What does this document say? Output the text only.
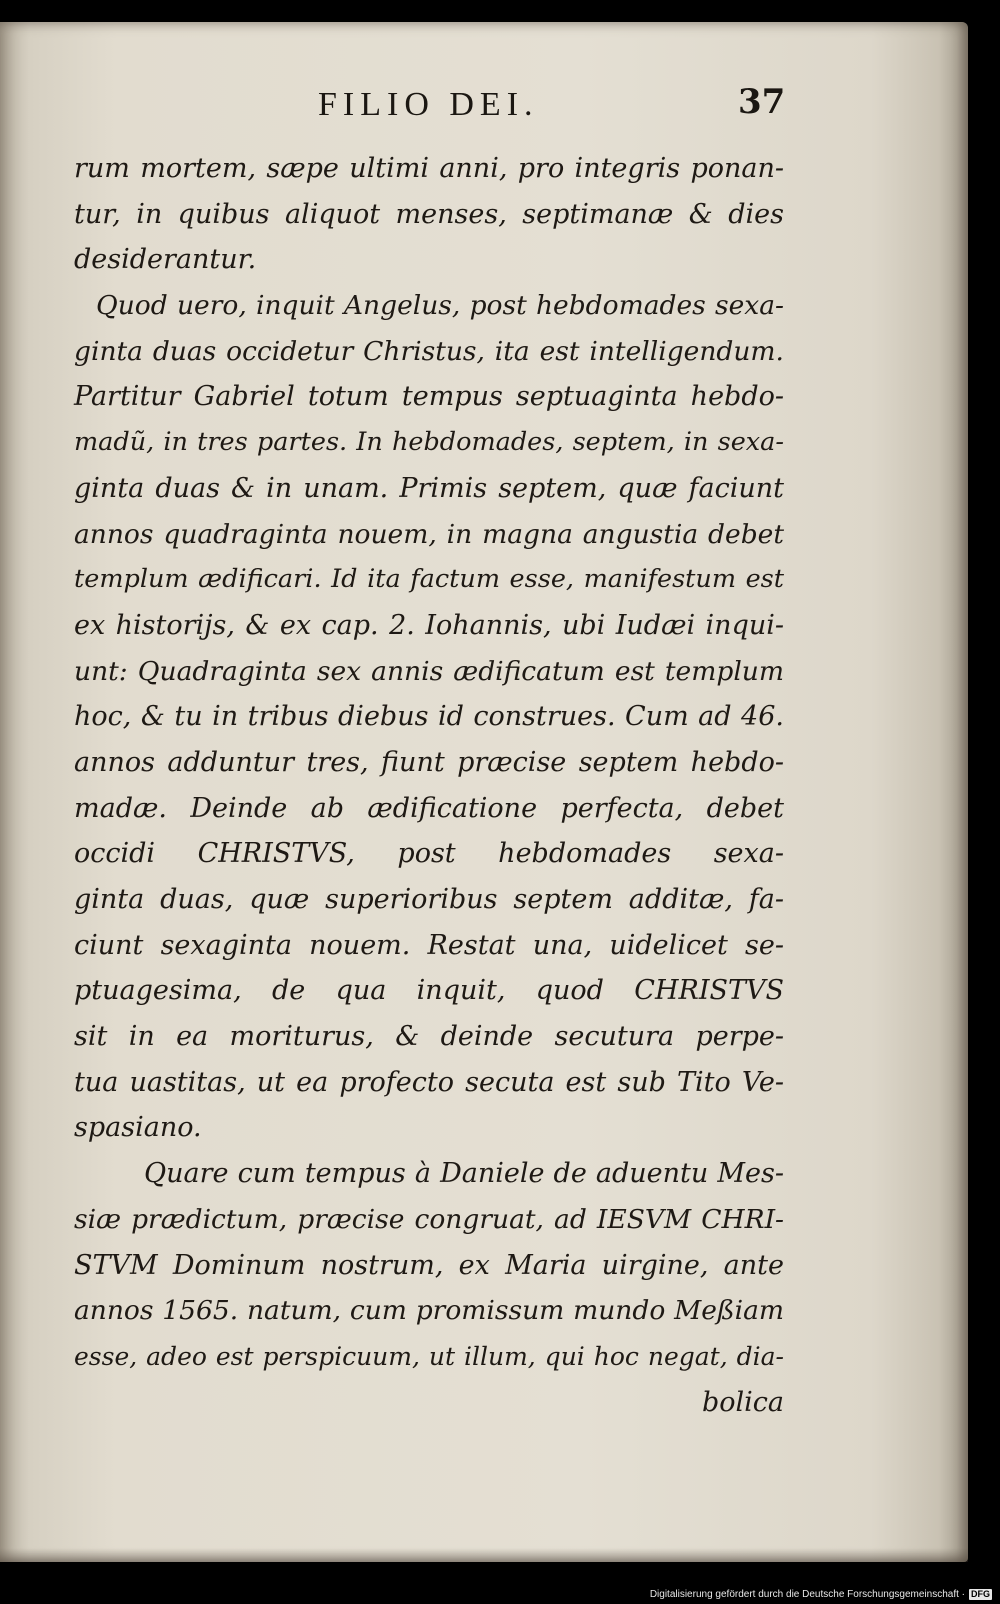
FILIO DEI.	37
rum mortem, sæpe ultimi anni, pro integris ponan-
tur, in quibus aliquot menses, septimanæ & dies
desiderantur.
Quod uero, inquit Angelus, post hebdomades sexa-
ginta duas occidetur Christus, ita est intelligendum.
Partitur Gabriel totum tempus septuaginta hebdo-
madũ, in tres partes. In hebdomades, septem, in sexa-
ginta duas & in unam. Primis septem, quæ faciunt
annos quadraginta nouem, in magna angustia debet
templum ædificari. Id ita factum esse, manifestum est
ex historijs, & ex cap. 2. Iohannis, ubi Iudæi inqui-
unt: Quadraginta sex annis ædificatum est templum
hoc, & tu in tribus diebus id construes. Cum ad 46.
annos adduntur tres, fiunt præcise septem hebdo-
madæ. Deinde ab ædificatione perfecta, debet
occidi CHRISTVS, post hebdomades sexa-
ginta duas, quæ superioribus septem additæ, fa-
ciunt sexaginta nouem. Restat una, uidelicet se-
ptuagesima, de qua inquit, quod CHRISTVS
sit in ea moriturus, & deinde secutura perpe-
tua uastitas, ut ea profecto secuta est sub Tito Ve-
spasiano.
Quare cum tempus à Daniele de aduentu Mes-
siæ prædictum, præcise congruat, ad IESVM CHRI-
STVM Dominum nostrum, ex Maria uirgine, ante
annos 1565. natum, cum promissum mundo Meßiam
esse, adeo est perspicuum, ut illum, qui hoc negat, dia-
bolica
Digitalisierung gefördert durch die Deutsche Forschungsgemeinschaft · DFG
